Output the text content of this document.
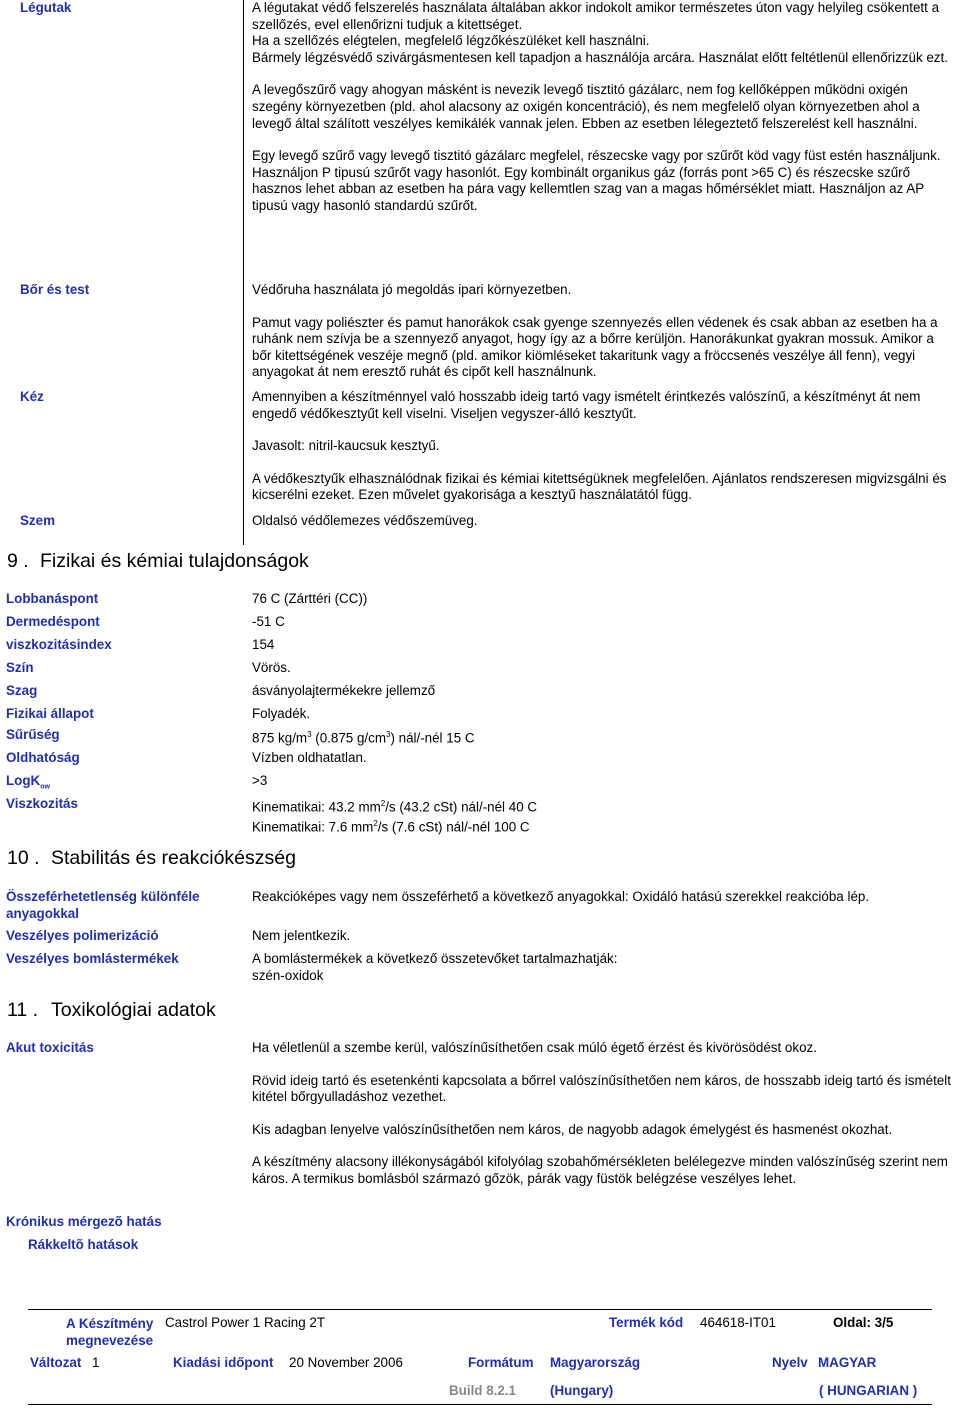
Légutak	A légutakat védő felszerelés használata általában akkor indokolt amikor természetes úton vagy helyileg csökentett a szellőzés, evel ellenőrizni tudjuk a kitettséget.

Ha a szellőzés elégtelen, megfelelő légzőkészüléket kell használni.

Bármely légzésvédő szivárgásmentesen kell tapadjon a használója arcára. Használat előtt feltétlenül ellenőrizzük ezt.

A levegőszűrő vagy ahogyan másként is nevezik levegő tisztitó gázálarc, nem fog kellőképpen működni oxigén szegény környezetben (pld. ahol alacsony az oxigén koncentráció), és nem megfelelő olyan környezetben ahol a levegő által szálított veszélyes kemikálék vannak jelen. Ebben az esetben lélegeztető felszerelést kell használni.

Egy levegő szűrő vagy levegő tisztitó gázálarc megfelel, részecske vagy por szűrőt köd vagy füst estén használjunk. Használjon P tipusú szűrőt vagy hasonlót. Egy kombinált organikus gáz (forrás pont >65 C) és részecske szűrő hasznos lehet abban az esetben ha pára vagy kellemtlen szag van a magas hőmérséklet miatt. Használjon az AP tipusú vagy hasonló standardú szűrőt.

Bőr és test	Védőruha használata jó megoldás ipari környezetben.

Pamut vagy poliészter és pamut hanorákok csak gyenge szennyezés ellen védenek és csak abban az esetben ha a ruhánk nem szívja be a szennyező anyagot, hogy így az a bőrre kerüljön. Hanorákunkat gyakran mossuk. Amikor a bőr kitettségének veszéje megnő (pld. amikor kiömléseket takaritunk vagy a fröccsenés veszélye áll fenn), vegyi anyagokat át nem eresztő ruhát és cipőt kell használnunk.

Kéz	Amennyiben a készítménnyel való hosszabb ideig tartó vagy ismételt érintkezés valószínű, a készítményt át nem engedő védőkesztyűt kell viselni. Viseljen vegyszer-álló kesztyűt.

Javasolt: nitril-kaucsuk kesztyű.

A védőkesztyűk elhasználódnak fizikai és kémiai kitettségüknek megfelelően. Ajánlatos rendszeresen migvizsgálni és kicserélni ezeket. Ezen művelet gyakorisága a kesztyű használatától függ.

Szem	Oldalsó védőlemezes védőszemüveg.
9 . Fizikai és kémiai tulajdonságok
Lobbanáspont	76 C (Zárttéri (CC))
Dermedéspont	-51 C
viszkozitásindex	154
Szín	Vörös.
Szag	ásványolajtermékekre jellemző
Fizikai állapot	Folyadék.
Sűrűség	875 $kg/m^3$ (0.875 $g/cm^3$) nál/-nél 15 C
Oldhatóság	Vízben oldhatatlan.
LogK$_{ow}$	>3
Viszkozitás	Kinematikai: 43.2 $mm^2/s$ (43.2 cSt) nál/-nél 40 C
Kinematikai: 7.6 $mm^2/s$ (7.6 cSt) nál/-nél 100 C
10 . Stabilitás és reakciókészség
Összeférhetetlenség különféle anyagokkal
Reakcióképes vagy nem összeférhető a következő anyagokkal: Oxidáló hatású szerekkel reakcióba lép.
Veszélyes polimerizáció	Nem jelentkezik.
Veszélyes bomlástermékek	A bomlástermékek a következő összetevőket tartalmazhatják:
szén-oxidok
11 . Toxikológiai adatok
Akut toxicitás	Ha véletlenül a szembe kerül, valószínűsíthetően csak múló égető érzést és kivörösödést okoz.

Rövid ideig tartó és esetenkénti kapcsolata a bőrrel valószínűsíthetően nem káros, de hosszabb ideig tartó és ismételt kitétel bőrgyulladáshoz vezethet.

Kis adagban lenyelve valószínűsíthetően nem káros, de nagyobb adagok émelygést és hasmenést okozhat.

A készítmény alacsony illékonyságából kifolyólag szobahőmérsékleten belélegezve minden valószínűség szerint nem káros. A termikus bomlásból származó gőzök, párák vagy füstök belégzése veszélyes lehet.

Krónikus mérgezõ hatás
Rákkeltõ hatások
A Készítmény
megnevezése
Castrol Power 1 Racing 2T	Termék kód 464618-IT01	Oldal: 3/5
Változat 1	Kiadási időpont 20 November 2006	Formátum Magyarország	Nyelv MAGYAR
Build 8.2.1	(Hungary)	( HUNGARIAN )
